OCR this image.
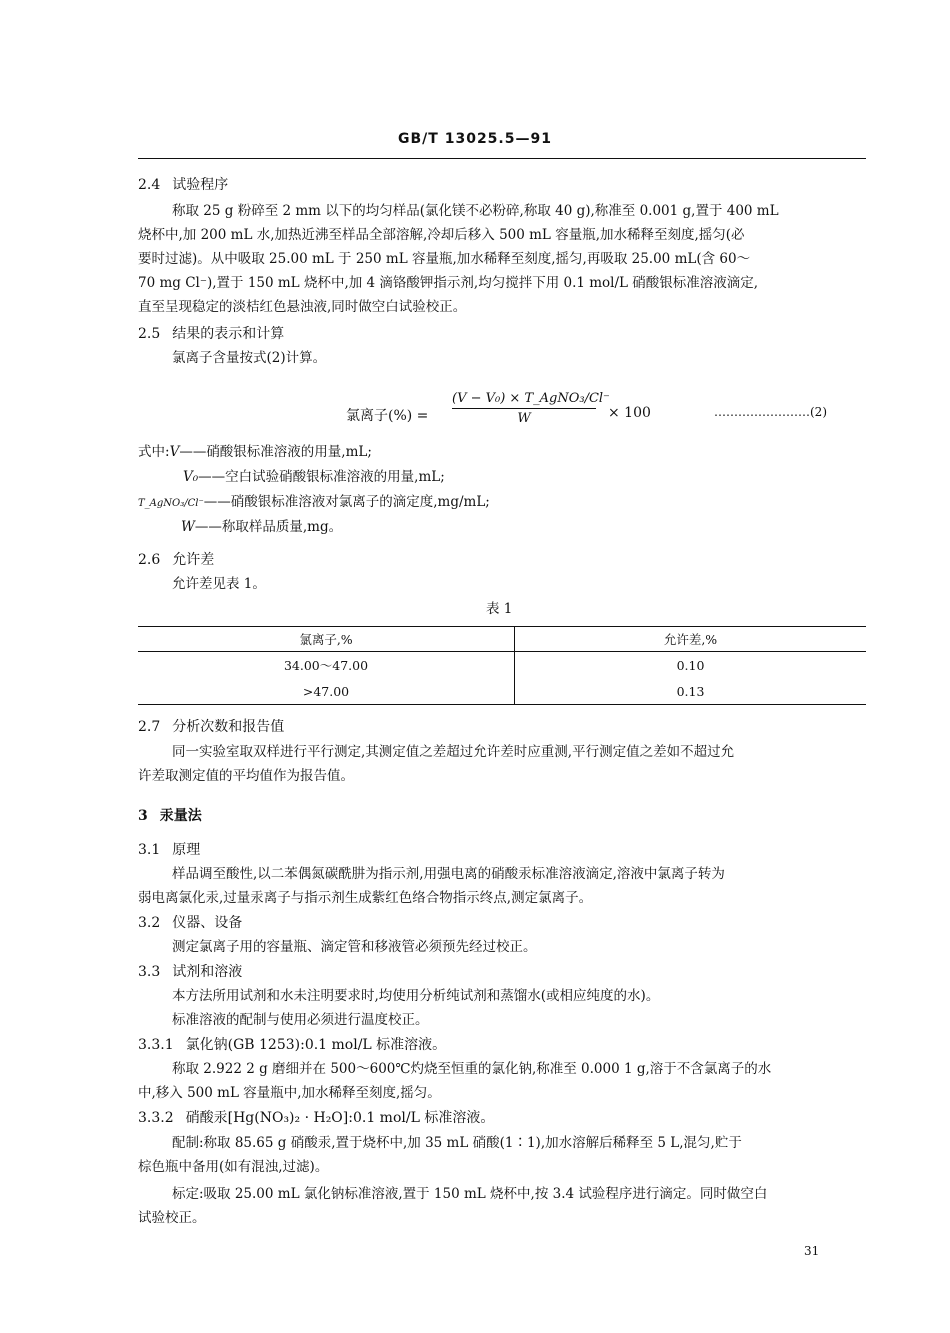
GB/T 13025.5—91
2.4 试验程序
称取 25 g 粉碎至 2 mm 以下的均匀样品(氯化镁不必粉碎,称取 40 g),称准至 0.001 g,置于 400 mL
烧杯中,加 200 mL 水,加热近沸至样品全部溶解,冷却后移入 500 mL 容量瓶,加水稀释至刻度,摇匀(必
要时过滤)。从中吸取 25.00 mL 于 250 mL 容量瓶,加水稀释至刻度,摇匀,再吸取 25.00 mL(含 60～
70 mg Cl⁻),置于 150 mL 烧杯中,加 4 滴铬酸钾指示剂,均匀搅拌下用 0.1 mol/L 硝酸银标准溶液滴定,
直至呈现稳定的淡桔红色悬浊液,同时做空白试验校正。
2.5 结果的表示和计算
氯离子含量按式(2)计算。
氯离子(%) =
(V − V₀) × T_AgNO₃/Cl⁻
W	× 100	……………………(2)
式中:V——硝酸银标准溶液的用量,mL;
V₀——空白试验硝酸银标准溶液的用量,mL;
T_AgNO₃/Cl⁻——硝酸银标准溶液对氯离子的滴定度,mg/mL;
W——称取样品质量,mg。
2.6 允许差
允许差见表 1。
表 1
氯离子,%	允许差,%
34.00～47.00	0.10
>47.00	0.13
2.7 分析次数和报告值
同一实验室取双样进行平行测定,其测定值之差超过允许差时应重测,平行测定值之差如不超过允
许差取测定值的平均值作为报告值。
3 汞量法
3.1 原理
样品调至酸性,以二苯偶氮碳酰肼为指示剂,用强电离的硝酸汞标准溶液滴定,溶液中氯离子转为
弱电离氯化汞,过量汞离子与指示剂生成紫红色络合物指示终点,测定氯离子。
3.2 仪器、设备
测定氯离子用的容量瓶、滴定管和移液管必须预先经过校正。
3.3 试剂和溶液
本方法所用试剂和水未注明要求时,均使用分析纯试剂和蒸馏水(或相应纯度的水)。
标准溶液的配制与使用必须进行温度校正。
3.3.1 氯化钠(GB 1253):0.1 mol/L 标准溶液。
称取 2.922 2 g 磨细并在 500～600℃灼烧至恒重的氯化钠,称准至 0.000 1 g,溶于不含氯离子的水
中,移入 500 mL 容量瓶中,加水稀释至刻度,摇匀。
3.3.2 硝酸汞[Hg(NO₃)₂ · H₂O]:0.1 mol/L 标准溶液。
配制:称取 85.65 g 硝酸汞,置于烧杯中,加 35 mL 硝酸(1∶1),加水溶解后稀释至 5 L,混匀,贮于
棕色瓶中备用(如有混浊,过滤)。
标定:吸取 25.00 mL 氯化钠标准溶液,置于 150 mL 烧杯中,按 3.4 试验程序进行滴定。同时做空白
试验校正。
31
